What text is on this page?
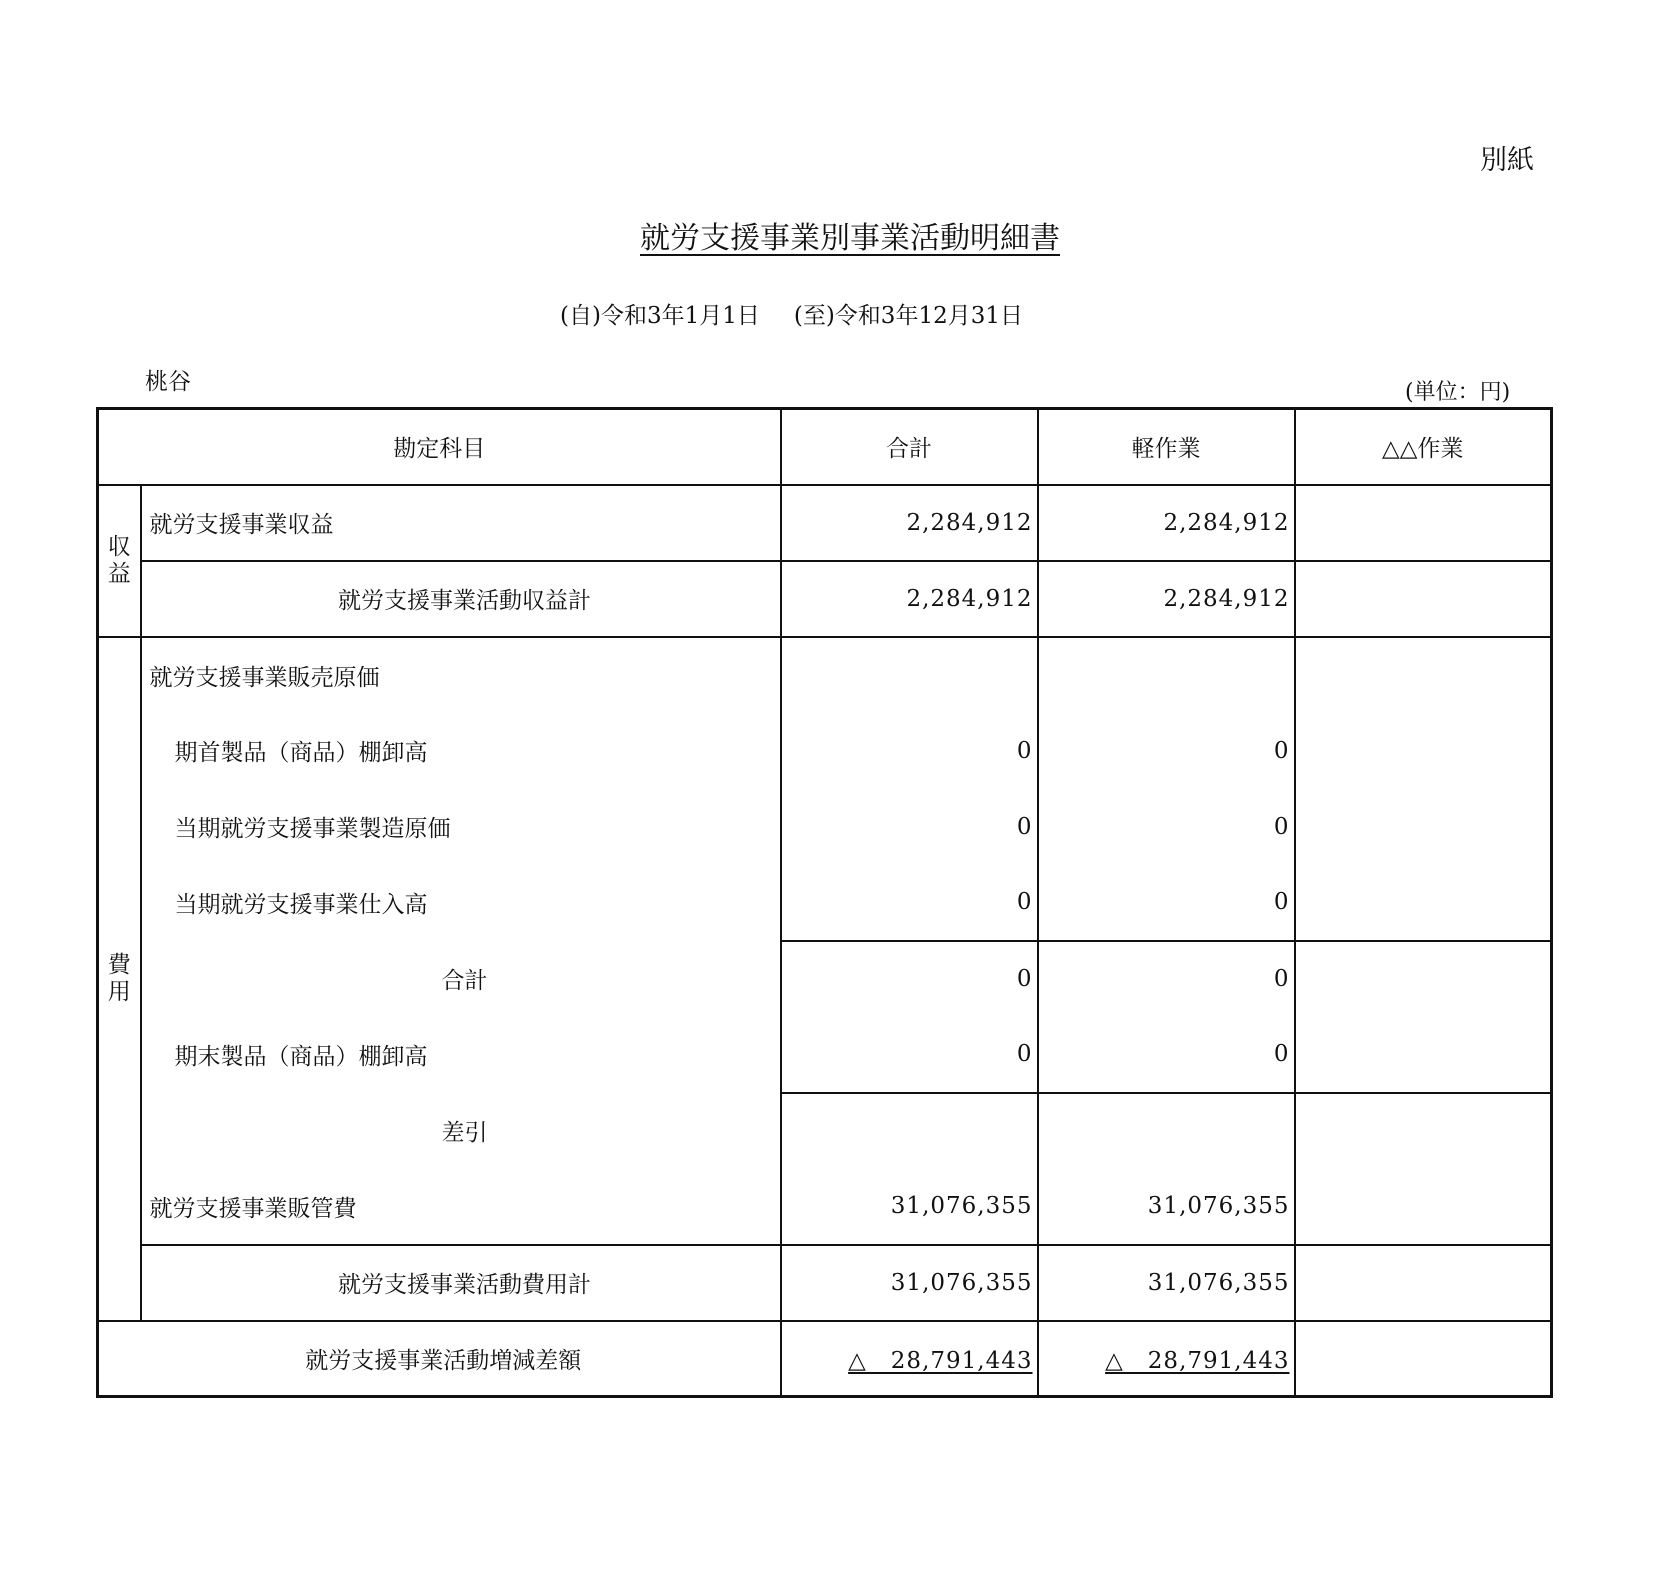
別紙
就労支援事業別事業活動明細書
(自)令和3年1月1日 (至)令和3年12月31日
桃谷	(単位：円)
勘定科目		合計	軽作業	△△作業

収
益	就労支援事業収益	2,284,912	2,284,912	
	就労支援事業活動収益計	2,284,912	2,284,912	

費
用	就労支援事業販売原価			
	期首製品（商品）棚卸高	0	0	
	当期就労支援事業製造原価	0	0	
	当期就労支援事業仕入高	0	0	
	合計	0	0	
	期末製品（商品）棚卸高	0	0	
	差引			
	就労支援事業販管費	31,076,355	31,076,355	
	就労支援事業活動費用計	31,076,355	31,076,355	
就労支援事業活動増減差額		△　28,791,443	△　28,791,443	
